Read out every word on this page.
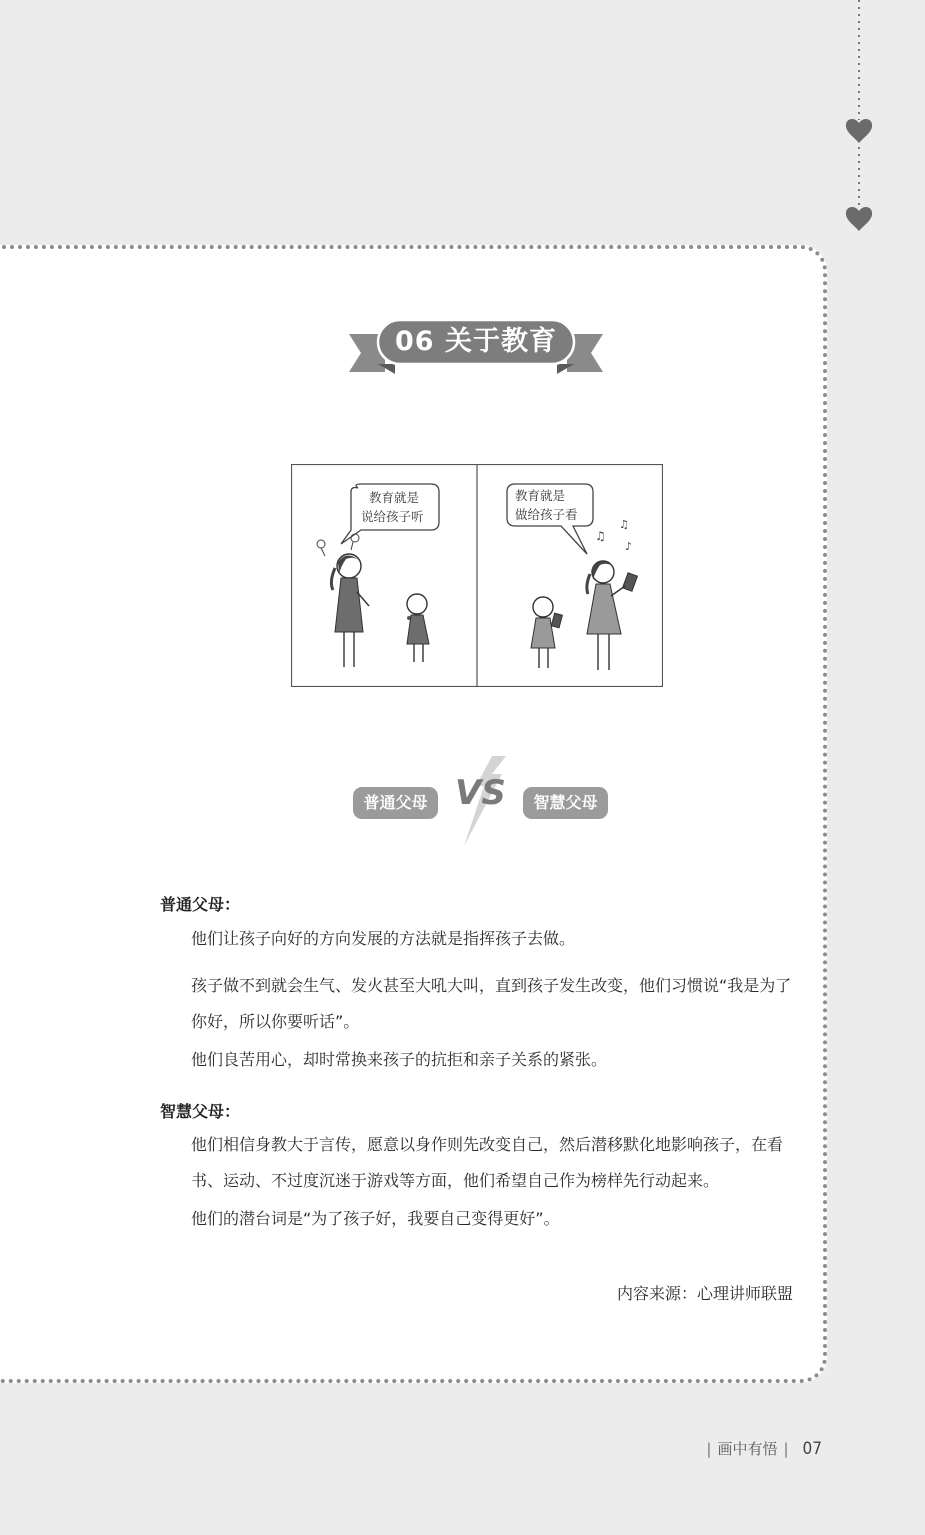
06 关于教育
教育就是
说给孩子听
教育就是
做给孩子看
♫
♫
♪
普通父母 VS	智慧父母
普通父母：
他们让孩子向好的方向发展的方法就是指挥孩子去做。
孩子做不到就会生气、发火甚至大吼大叫，直到孩子发生改变，他们习惯说“我是为了你好，所以你要听话”。
他们良苦用心，却时常换来孩子的抗拒和亲子关系的紧张。
智慧父母：
他们相信身教大于言传，愿意以身作则先改变自己，然后潜移默化地影响孩子，在看书、运动、不过度沉迷于游戏等方面，他们希望自己作为榜样先行动起来。
他们的潜台词是“为了孩子好，我要自己变得更好”。
内容来源：心理讲师联盟
| 画中有悟 | 07
